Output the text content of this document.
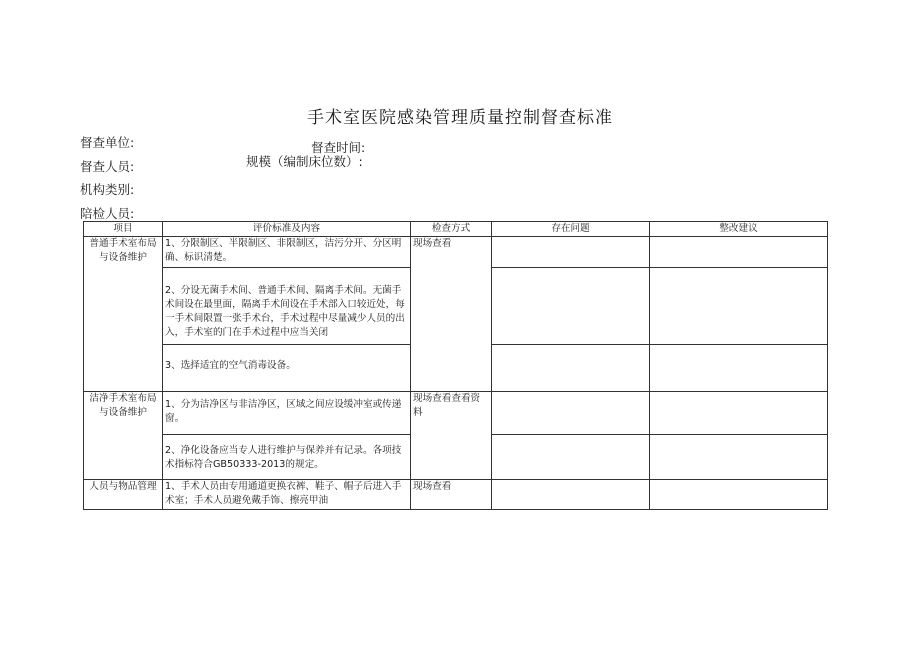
手术室医院感染管理质量控制督查标准
督查单位:	督查时间:
督查人员:	规模（编制床位数）:
机构类别:
陪检人员:
项目	评价标准及内容	检查方式	存在问题	整改建议
普通手术室布局与设备维护	1、分限制区、半限制区、非限制区，洁污分开、分区明确、标识清楚。	现场查看		

	2、分设无菌手术间、普通手术间、隔离手术间。无菌手术间设在最里面，隔离手术间设在手术部入口较近处，每一手术间限置一张手术台，手术过程中尽量减少人员的出入，手术室的门在手术过程中应当关闭			

	3、选择适宜的空气消毒设备。			
洁净手术室布局与设备维护	1、分为洁净区与非洁净区，区域之间应设缓冲室或传递窗。	现场查看查看资料		
	2、净化设备应当专人进行维护与保养并有记录。各项技术指标符合GB50333-2013的规定。			
人员与物品管理	1、手术人员由专用通道更换衣裤、鞋子、帽子后进入手术室；手术人员避免戴手饰、擦亮甲油	现场查看		
